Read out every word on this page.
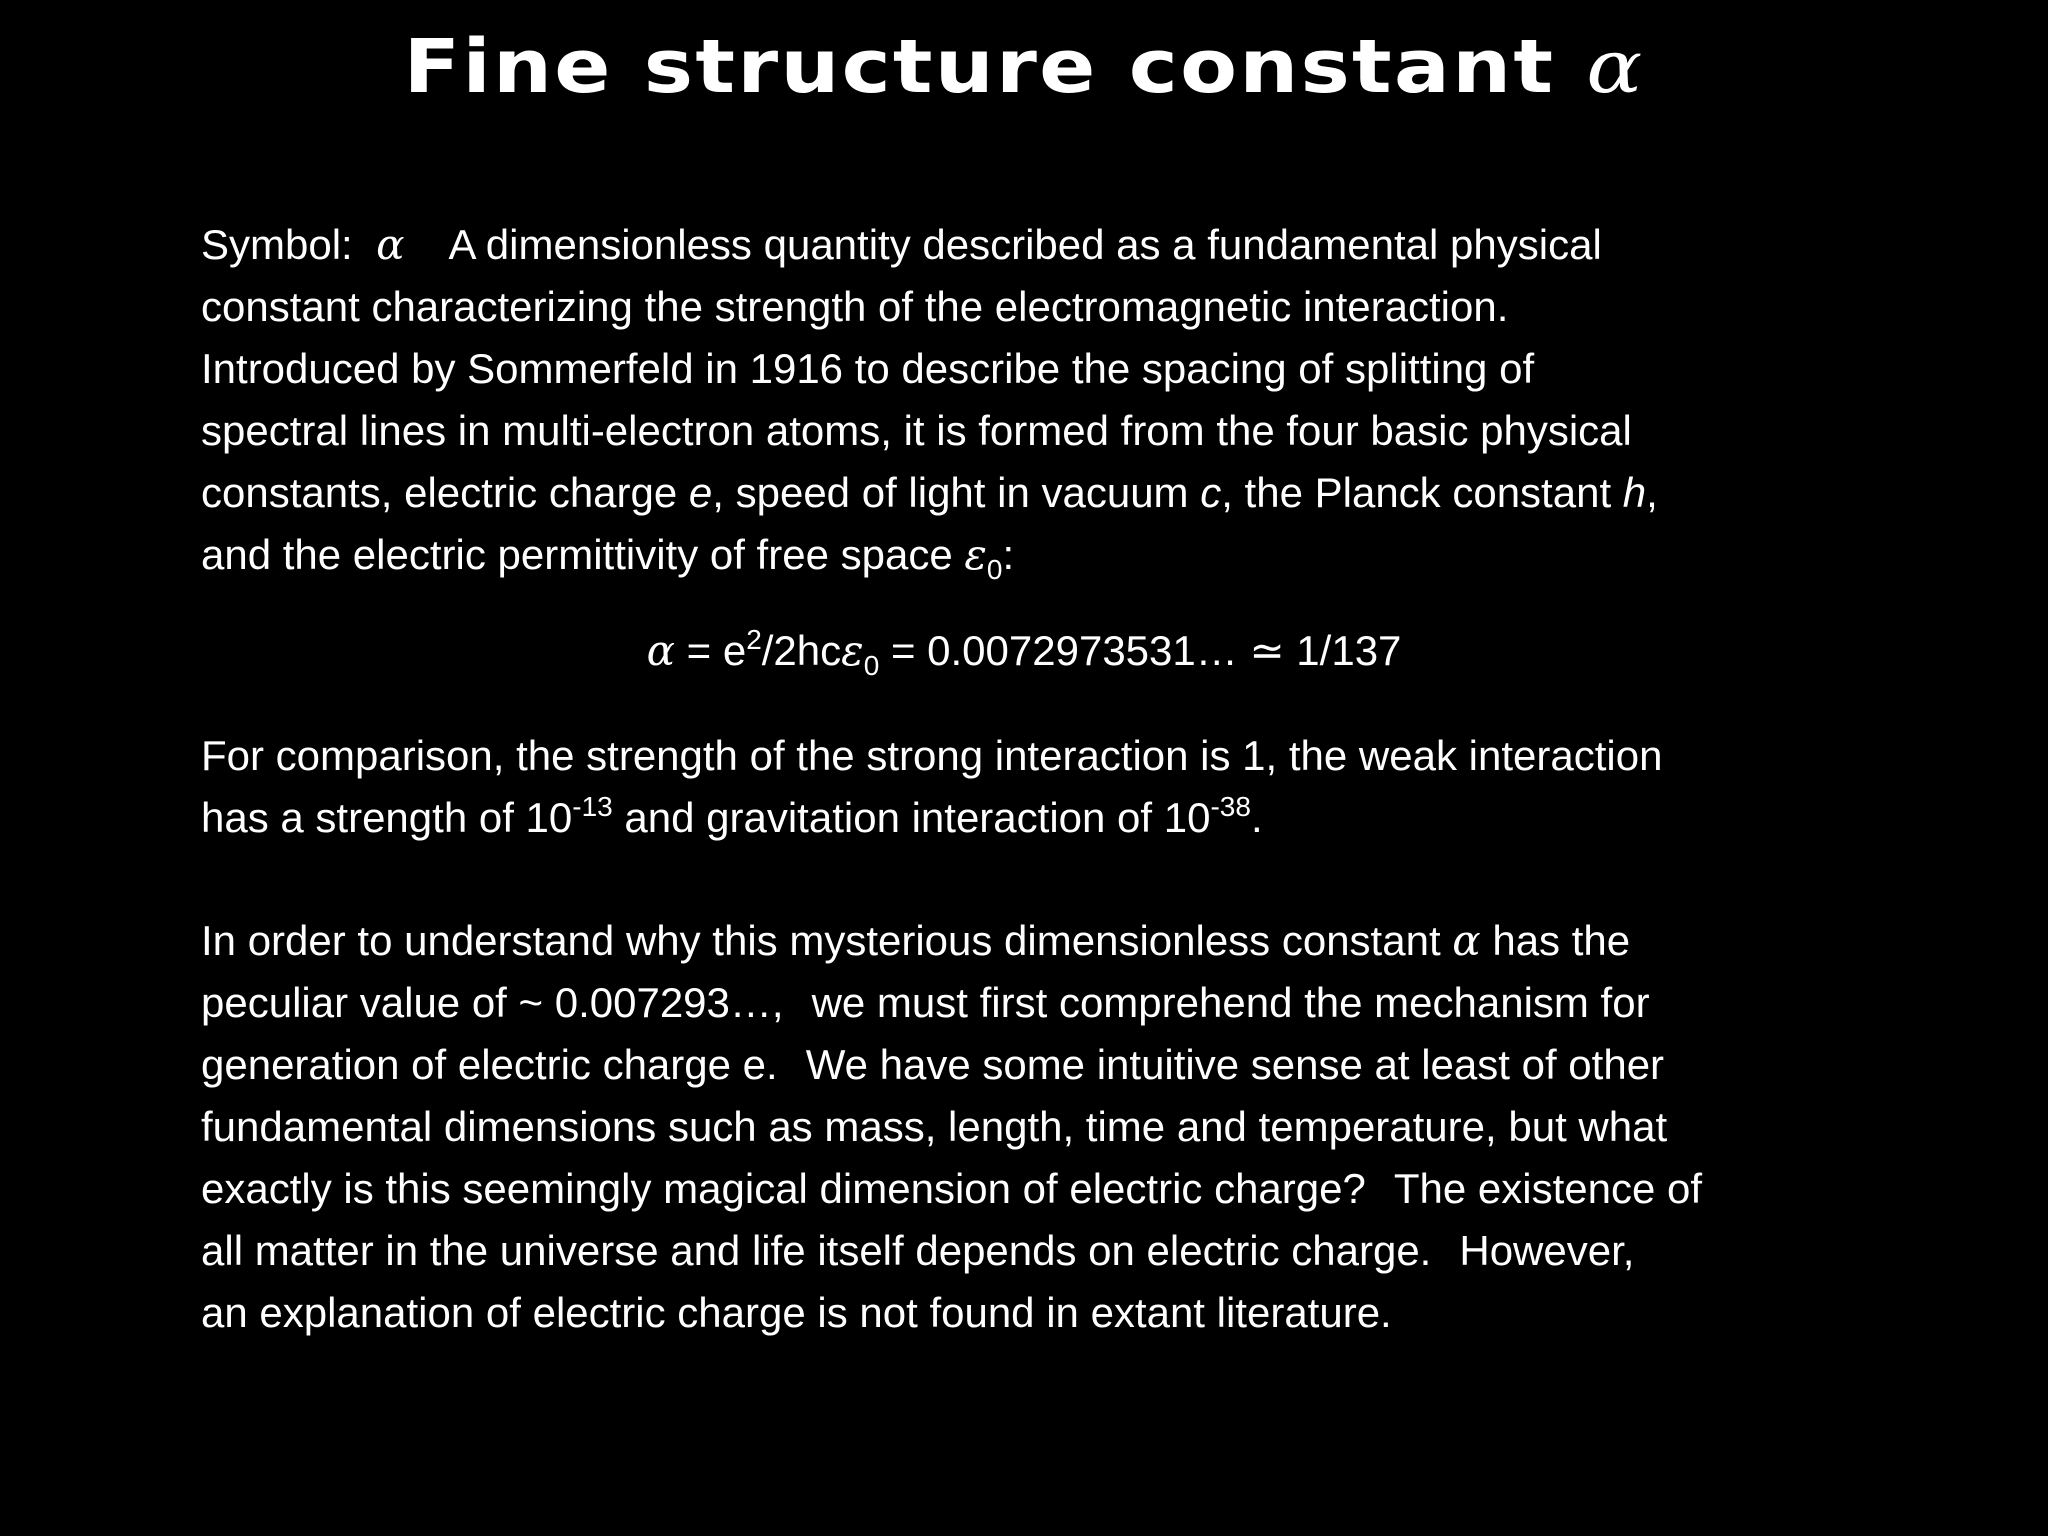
Fine structure constant α
Symbol: α A dimensionless quantity described as a fundamental physical
constant characterizing the strength of the electromagnetic interaction.
Introduced by Sommerfeld in 1916 to describe the spacing of splitting of
spectral lines in multi-electron atoms, it is formed from the four basic physical
constants, electric charge e, speed of light in vacuum c, the Planck constant h,
and the electric permittivity of free space $\varepsilon_0$:
$\alpha = e^2/2hc\varepsilon_0$ = 0.0072973531… ≃ 1/137
For comparison, the strength of the strong interaction is 1, the weak interaction
has a strength of $10^{-13}$ and gravitation interaction of $10^{-38}$.
In order to understand why this mysterious dimensionless constant α has the
peculiar value of ~ 0.007293…, we must first comprehend the mechanism for
generation of electric charge e. We have some intuitive sense at least of other
fundamental dimensions such as mass, length, time and temperature, but what
exactly is this seemingly magical dimension of electric charge? The existence of
all matter in the universe and life itself depends on electric charge. However,
an explanation of electric charge is not found in extant literature.
